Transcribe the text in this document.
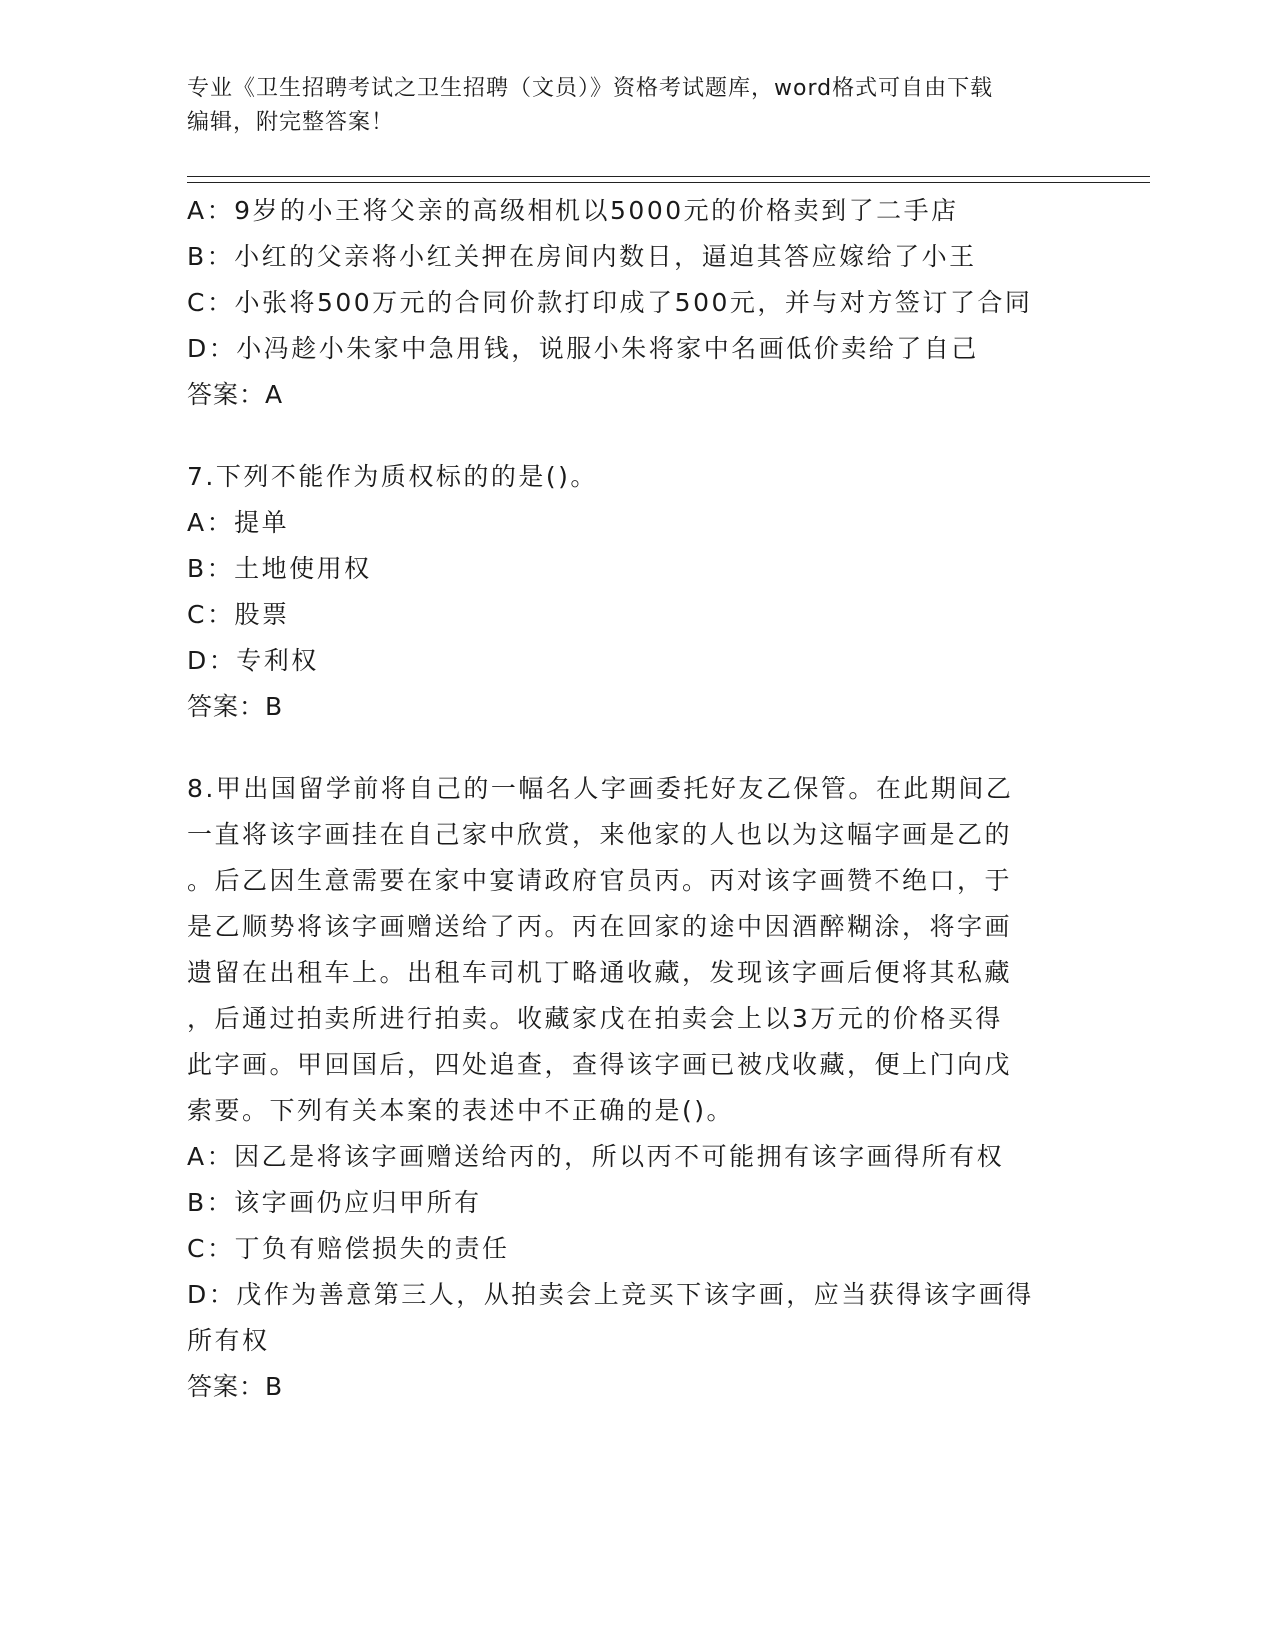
专业《卫生招聘考试之卫生招聘（文员）》资格考试题库，word格式可自由下载
编辑，附完整答案！
A：9岁的小王将父亲的高级相机以5000元的价格卖到了二手店
B：小红的父亲将小红关押在房间内数日，逼迫其答应嫁给了小王
C：小张将500万元的合同价款打印成了500元，并与对方签订了合同
D：小冯趁小朱家中急用钱，说服小朱将家中名画低价卖给了自己
答案：A
7.下列不能作为质权标的的是()。
A：提单
B：土地使用权
C：股票
D：专利权
答案：B
8.甲出国留学前将自己的一幅名人字画委托好友乙保管。在此期间乙
一直将该字画挂在自己家中欣赏，来他家的人也以为这幅字画是乙的
。后乙因生意需要在家中宴请政府官员丙。丙对该字画赞不绝口，于
是乙顺势将该字画赠送给了丙。丙在回家的途中因酒醉糊涂，将字画
遗留在出租车上。出租车司机丁略通收藏，发现该字画后便将其私藏
，后通过拍卖所进行拍卖。收藏家戊在拍卖会上以3万元的价格买得
此字画。甲回国后，四处追查，查得该字画已被戊收藏，便上门向戊
索要。下列有关本案的表述中不正确的是()。
A：因乙是将该字画赠送给丙的，所以丙不可能拥有该字画得所有权
B：该字画仍应归甲所有
C：丁负有赔偿损失的责任
D：戊作为善意第三人，从拍卖会上竞买下该字画，应当获得该字画得
所有权
答案：B
